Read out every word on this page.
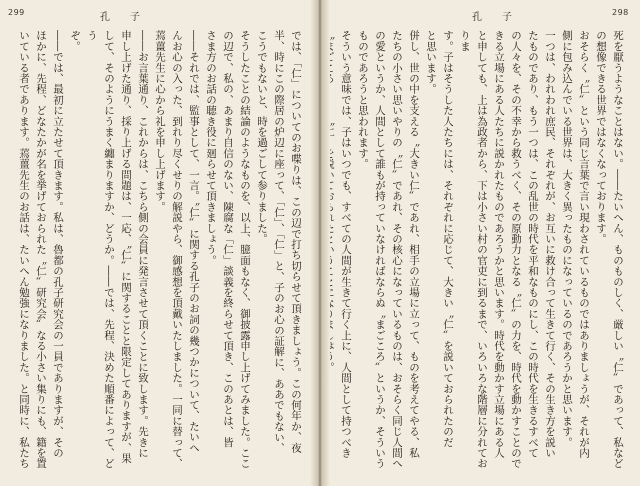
299	孔　　子

では、「仁」についてのお喋りは、この辺で打ち切らせて頂きましょう。この何年か、夜

半、時にこの際居の炉辺に座って、「仁」、「仁」と、子のお心の証解に、ああでもない、

こうでもないと、時を過ごして参りました。

そうしたことの結論のようなものを、以上、臆面もなく、御披露申し上げてみました。ここの辺で、私の、あまり自信のない、陳腐な「仁」談義を終らせて頂き、このあとは、皆

さま方のお話の聴き役に廻らせて頂きましょう。

――それでは、監事として、一言。〝仁〟に関する孔子のお詞の幾つかについて、たいへ

んお心の入った、到れり尽くせりの解説やら、御感想を頂戴いたしました。一同に替って、

蔫薑先生に心から礼を申し上げます。

――お言葉通り、これからは、こちら側の会員に発言させて頂くことに致します。先きに

申し上げた通り、採り上げる問題は、一応、〝仁〟に関することと限定してありますが、果

して、そのようにうまく纏まりますか、どうか。――では、先程、決めた順番によって、どう

ぞ。

――では、最初に立たせて頂きます。私は、魯都の孔子研究会の一員でありますが、その

ほかに、先程、どなたかが名を挙げておられた〝仁〟研究会〟なる小さい集りにも、籍を置

いている者であります。蔫薑先生のお話は、たいへん勉強になりました。と同時に、私たち

孔　　子	298

死を厭うようなことはない。――たいへん、ものものしく、厳しい〝仁〟であって、私など

の想像できる世界ではなくなっております。

おそらく〝仁〟という同じ言葉で言い現わされているものではありましょうが、それが内

側に包み込んでいる世界は、大きく異ったものになっているのであろうかと思います。

一つは、われわれ庶民、それぞれが、お互いに救け合って生きて行く、その生き方を説い

たものであり、もう一つは、この乱世の時代を平和なものにし、この時代を生きるすべて

の人々を、その不幸から救うべく、その原動力となる〝仁〟の力を、時代を動かすことので

きる立場にある人たちに説かれたものであろうかと思います。時代を動かす立場にある人

と申しても、上は為政者から、下は小さい村の官吏に到るまで、いろいろな階層に分れておりま

す。子はそうした人たちには、それぞれに応じて、大きい〝仁〟を説いておられたのだ

と思います。

併し、世の中を支える〝大きい仁〟であれ、相手の立場に立って、ものを考えてやる、私

たちの小さい思いやりの〝仁〟であれ、その核心になっているものは、おそらく同じ人間へ

の愛というか、人間として誰もが持っていなければならぬ〝まごころ〟というか、そういう

ものであろうと思われます。

そういう意味では、子はいつでも、すべての人間が生きて行く上に、人間として持つべき
